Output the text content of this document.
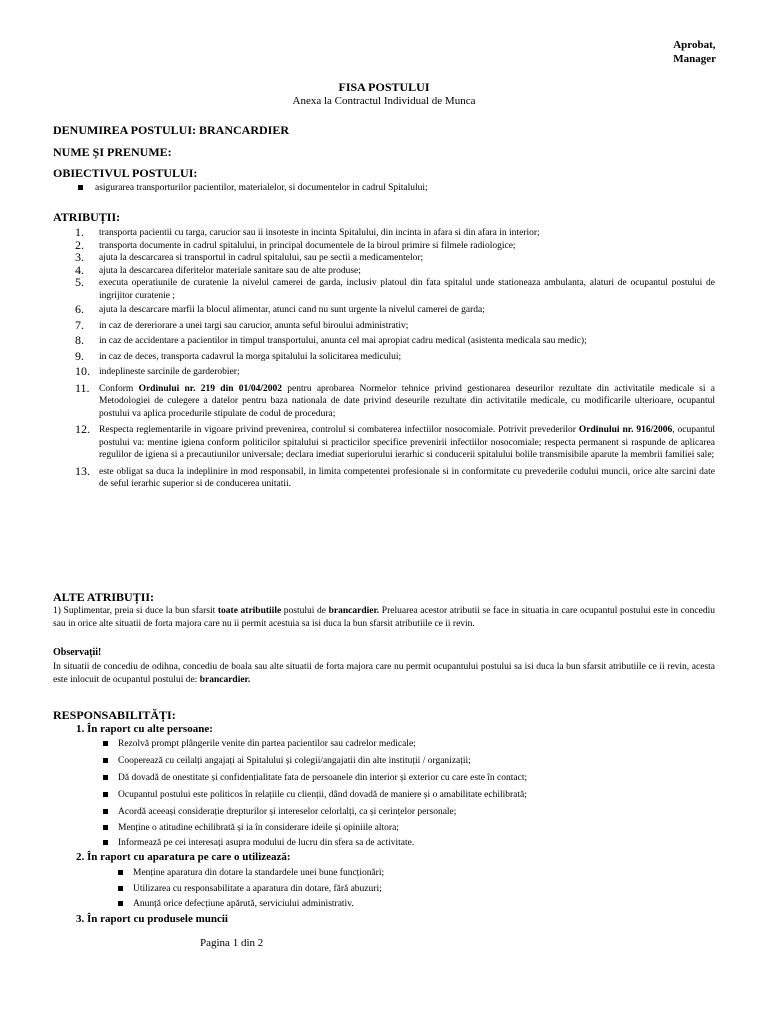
Aprobat,
Manager
FISA POSTULUI
Anexa la Contractul Individual de Munca
DENUMIREA POSTULUI: BRANCARDIER
NUME ȘI PRENUME:
OBIECTIVUL POSTULUI:
asigurarea transporturilor pacientilor, materialelor, si documentelor in cadrul Spitalului;
ATRIBUȚII:
1. transporta pacientii cu targa, carucior sau ii insoteste in incinta Spitalului, din incinta in afara si din afara in interior;
2. transporta documente in cadrul spitalului, in principal documentele de la biroul primire si filmele radiologice;
3. ajuta la descarcarea si transportul in cadrul spitalului, sau pe sectii a medicamentelor;
4. ajuta la descarcarea diferitelor materiale sanitare sau de alte produse;
5. executa operatiunile de curatenie la nivelul camerei de garda, inclusiv platoul din fata spitalul unde stationeaza ambulanta, alaturi de ocupantul postului de ingrijitor curatenie ;
6. ajuta la descarcare marfii la blocul alimentar, atunci cand nu sunt urgente la nivelul camerei de garda;
7. in caz de dereriorare a unei targi sau carucior, anunta seful biroului administrativ;
8. in caz de accidentare a pacientilor in timpul transportului, anunta cel mai apropiat cadru medical (asistenta medicala sau medic);
9. in caz de deces, transporta cadavrul la morga spitalului la solicitarea medicului;
10. indeplineste sarcinile de garderobier;
11. Conform Ordinului nr. 219 din 01/04/2002 pentru aprobarea Normelor tehnice privind gestionarea deseurilor rezultate din activitatile medicale si a Metodologiei de culegere a datelor pentru baza nationala de date privind deseurile rezultate din activitatile medicale, cu modificarile ulterioare, ocupantul postului va aplica procedurile stipulate de codul de procedura;
12. Respecta reglementarile in vigoare privind prevenirea, controlul si combaterea infectiilor nosocomiale. Potrivit prevederilor Ordinului nr. 916/2006, ocupantul postului va: mentine igiena conform politicilor spitalului si practicilor specifice prevenirii infectiilor nosocomiale; respecta permanent si raspunde de aplicarea regulilor de igiena si a precautiunilor universale; declara imediat superiorului ierarhic si conducerii spitalului bolile transmisibile aparute la membrii familiei sale;
13. este obligat sa duca la indeplinire in mod responsabil, in limita competentei profesionale si in conformitate cu prevederile codului muncii, orice alte sarcini date de seful ierarhic superior si de conducerea unitatii.
ALTE ATRIBUȚII:
1) Suplimentar, preia si duce la bun sfarsit toate atributiile postului de brancardier. Preluarea acestor atributii se face in situatia in care ocupantul postului este in concediu sau in orice alte situatii de forta majora care nu ii permit acestuia sa isi duca la bun sfarsit atributiile ce ii revin.
Observații!
In situatii de concediu de odihna, concediu de boala sau alte situatii de forta majora care nu permit ocupantului postului sa isi duca la bun sfarsit atributiile ce ii revin, acesta este inlocuit de ocupantul postului de: brancardier.
RESPONSABILITĂȚI:
1. În raport cu alte persoane:
Rezolvă prompt plângerile venite din partea pacientilor sau cadrelor medicale;
Cooperează cu ceilalți angajați ai Spitalului și colegii/angajatii din alte instituții / organizații;
Dă dovadă de onestitate și confidențialitate fata de persoanele din interior și exterior cu care este în contact;
Ocupantul postului este politicos în relațiile cu clienții, dând dovadă de maniere și o amabilitate echilibrată;
Acordă aceeași considerație drepturilor și intereselor celorlalți, ca și cerințelor personale;
Menține o atitudine echilibrată și ia în considerare ideile și opiniile altora;
Informează pe cei interesați asupra modului de lucru din sfera sa de activitate.
2. În raport cu aparatura pe care o utilizează:
Menține aparatura din dotare la standardele unei bune funcționări;
Utilizarea cu responsabilitate a aparatura din dotare, fără abuzuri;
Anunță orice defecțiune apărută, serviciului administrativ.
3. În raport cu produsele muncii
Pagina 1 din 2
